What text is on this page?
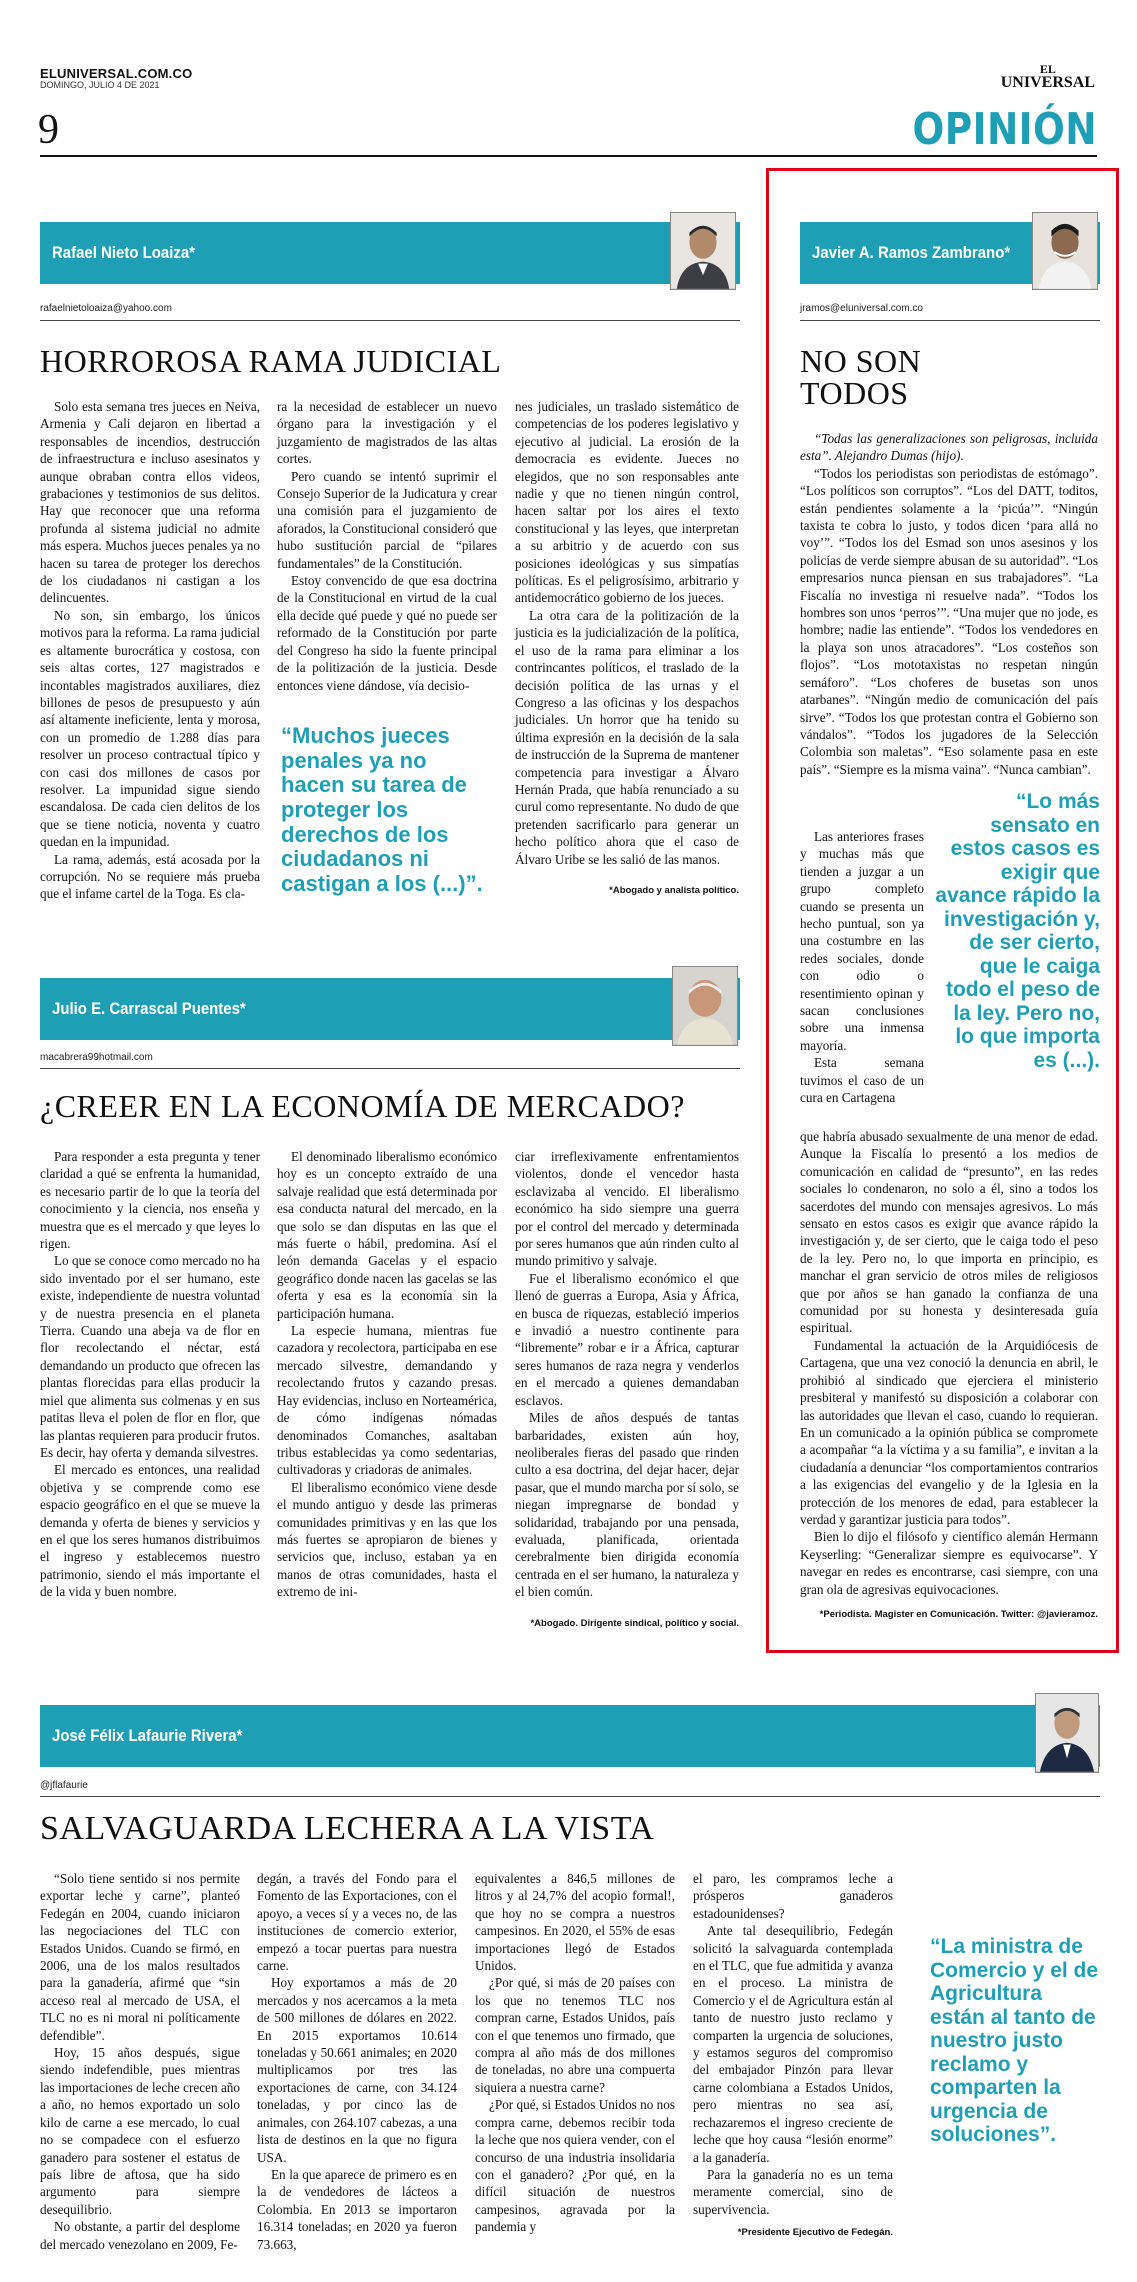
ELUNIVERSAL.COM.CO
DOMINGO, JULIO 4 DE 2021
9
EL
UNIVERSAL
OPINIÓN
Rafael Nieto Loaiza*
rafaelnietoloaiza@yahoo.com
HORROROSA RAMA JUDICIAL

Solo esta semana tres jueces en Neiva, Armenia y Cali dejaron en libertad a responsables de incendios, destrucción de infraestructura e incluso asesinatos y aunque obraban contra ellos videos, grabaciones y testimonios de sus delitos. Hay que reconocer que una reforma profunda al sistema judicial no admite más espera. Muchos jueces penales ya no hacen su tarea de proteger los derechos de los ciudadanos ni castigan a los delincuentes.

No son, sin embargo, los únicos motivos para la reforma. La rama judicial es altamente burocrática y costosa, con seis altas cortes, 127 magistrados e incontables magistrados auxiliares, diez billones de pesos de presupuesto y aún así altamente ineficiente, lenta y morosa, con un promedio de 1.288 días para resolver un proceso contractual típico y con casi dos millones de casos por resolver. La impunidad sigue siendo escandalosa. De cada cien delitos de los que se tiene noticia, noventa y cuatro quedan en la impunidad.

La rama, además, está acosada por la corrupción. No se requiere más prueba que el infame cartel de la Toga. Es cla-

ra la necesidad de establecer un nuevo órgano para la investigación y el juzgamiento de magistrados de las altas cortes.

Pero cuando se intentó suprimir el Consejo Superior de la Judicatura y crear una comisión para el juzgamiento de aforados, la Constitucional consideró que hubo sustitución parcial de “pilares fundamentales” de la Constitución.

Estoy convencido de que esa doctrina de la Constitucional en virtud de la cual ella decide qué puede y qué no puede ser reformado de la Constitución por parte del Congreso ha sido la fuente principal de la politización de la justicia. Desde entonces viene dándose, vía decisio-

“Muchos jueces penales ya no hacen su tarea de proteger los derechos de los ciudadanos ni castigan a los (...)”.

nes judiciales, un traslado sistemático de competencias de los poderes legislativo y ejecutivo al judicial. La erosión de la democracia es evidente. Jueces no elegidos, que no son responsables ante nadie y que no tienen ningún control, hacen saltar por los aires el texto constitucional y las leyes, que interpretan a su arbitrio y de acuerdo con sus posiciones ideológicas y sus simpatías políticas. Es el peligrosísimo, arbitrario y antidemocrático gobierno de los jueces.

La otra cara de la politización de la justicia es la judicialización de la política, el uso de la rama para eliminar a los contrincantes políticos, el traslado de la decisión política de las urnas y el Congreso a las oficinas y los despachos judiciales. Un horror que ha tenido su última expresión en la decisión de la sala de instrucción de la Suprema de mantener competencia para investigar a Álvaro Hernán Prada, que había renunciado a su curul como representante. No dudo de que pretenden sacrificarlo para generar un hecho político ahora que el caso de Álvaro Uribe se les salió de las manos.

*Abogado y analista político.

Julio E. Carrascal Puentes*
macabrera99hotmail.com
¿CREER EN LA ECONOMÍA DE MERCADO?

Para responder a esta pregunta y tener claridad a qué se enfrenta la humanidad, es necesario partir de lo que la teoría del conocimiento y la ciencia, nos enseña y muestra que es el mercado y que leyes lo rigen.

Lo que se conoce como mercado no ha sido inventado por el ser humano, este existe, independiente de nuestra voluntad y de nuestra presencia en el planeta Tierra. Cuando una abeja va de flor en flor recolectando el néctar, está demandando un producto que ofrecen las plantas florecidas para ellas producir la miel que alimenta sus colmenas y en sus patitas lleva el polen de flor en flor, que las plantas requieren para producir frutos. Es decir, hay oferta y demanda silvestres.

El mercado es entonces, una realidad objetiva y se comprende como ese espacio geográfico en el que se mueve la demanda y oferta de bienes y servicios y en el que los seres humanos distribuimos el ingreso y establecemos nuestro patrimonio, siendo el más importante el de la vida y buen nombre.

El denominado liberalismo económico hoy es un concepto extraído de una salvaje realidad que está determinada por esa conducta natural del mercado, en la que solo se dan disputas en las que el más fuerte o hábil, predomina. Así el león demanda Gacelas y el espacio geográfico donde nacen las gacelas se las oferta y esa es la economía sin la participación humana.

La especie humana, mientras fue cazadora y recolectora, participaba en ese mercado silvestre, demandando y recolectando frutos y cazando presas. Hay evidencias, incluso en Norteamérica, de cómo indígenas nómadas denominados Comanches, asaltaban tribus establecidas ya como sedentarias, cultivadoras y criadoras de animales.

El liberalismo económico viene desde el mundo antiguo y desde las primeras comunidades primitivas y en las que los más fuertes se apropiaron de bienes y servicios que, incluso, estaban ya en manos de otras comunidades, hasta el extremo de ini-

ciar irreflexivamente enfrentamientos violentos, donde el vencedor hasta esclavizaba al vencido. El liberalismo económico ha sido siempre una guerra por el control del mercado y determinada por seres humanos que aún rinden culto al mundo primitivo y salvaje.

Fue el liberalismo económico el que llenó de guerras a Europa, Asia y África, en busca de riquezas, estableció imperios e invadió a nuestro continente para “libremente” robar e ir a África, capturar seres humanos de raza negra y venderlos en el mercado a quienes demandaban esclavos.

Miles de años después de tantas barbaridades, existen aún hoy, neoliberales fieras del pasado que rinden culto a esa doctrina, del dejar hacer, dejar pasar, que el mundo marcha por sí solo, se niegan impregnarse de bondad y solidaridad, trabajando por una pensada, evaluada, planificada, orientada cerebralmente bien dirigida economía centrada en el ser humano, la naturaleza y el bien común.

*Abogado. Dirigente sindical, político y social.

Javier A. Ramos Zambrano*
jramos@eluniversal.com.co
NO SON
TODOS

“Todas las generalizaciones son peligrosas, incluida esta”. Alejandro Dumas (hijo).

“Todos los periodistas son periodistas de estómago”. “Los políticos son corruptos”. “Los del DATT, toditos, están pendientes solamente a la ‘picúa’”. “Ningún taxista te cobra lo justo, y todos dicen ‘para allá no voy’”. “Todos los del Esmad son unos asesinos y los policías de verde siempre abusan de su autoridad”. “Los empresarios nunca piensan en sus trabajadores”. “La Fiscalía no investiga ni resuelve nada”. “Todos los hombres son unos ‘perros’”. “Una mujer que no jode, es hombre; nadie las entiende”. “Todos los vendedores en la playa son unos atracadores”. “Los costeños son flojos”. “Los mototaxistas no respetan ningún semáforo”. “Los choferes de busetas son unos atarbanes”. “Ningún medio de comunicación del país sirve”. “Todos los que protestan contra el Gobierno son vándalos”. “Todos los jugadores de la Selección Colombia son maletas”. “Eso solamente pasa en este país”. “Siempre es la misma vaina”. “Nunca cambian”.

Las anteriores frases y muchas más que tienden a juzgar a un grupo completo cuando se presenta un hecho puntual, son ya una costumbre en las redes sociales, donde con odio o resentimiento opinan y sacan conclusiones sobre una inmensa mayoría.

Esta semana tuvimos el caso de un cura en Cartagena

“Lo más sensato en estos casos es exigir que avance rápido la investigación y, de ser cierto, que le caiga todo el peso de la ley. Pero no, lo que importa es (...).

que habría abusado sexualmente de una menor de edad. Aunque la Fiscalía lo presentó a los medios de comunicación en calidad de “presunto”, en las redes sociales lo condenaron, no solo a él, sino a todos los sacerdotes del mundo con mensajes agresivos. Lo más sensato en estos casos es exigir que avance rápido la investigación y, de ser cierto, que le caiga todo el peso de la ley. Pero no, lo que importa en principio, es manchar el gran servicio de otros miles de religiosos que por años se han ganado la confianza de una comunidad por su honesta y desinteresada guía espiritual.

Fundamental la actuación de la Arquidiócesis de Cartagena, que una vez conoció la denuncia en abril, le prohibió al sindicado que ejerciera el ministerio presbiteral y manifestó su disposición a colaborar con las autoridades que llevan el caso, cuando lo requieran. En un comunicado a la opinión pública se compromete a acompañar “a la víctima y a su familia”, e invitan a la ciudadanía a denunciar “los comportamientos contrarios a las exigencias del evangelio y de la Iglesia en la protección de los menores de edad, para establecer la verdad y garantizar justicia para todos”.

Bien lo dijo el filósofo y científico alemán Hermann Keyserling: “Generalizar siempre es equivocarse”. Y navegar en redes es encontrarse, casi siempre, con una gran ola de agresivas equivocaciones.

*Periodista. Magister en Comunicación. Twitter: @javieramoz.

José Félix Lafaurie Rivera*
@jflafaurie
SALVAGUARDA LECHERA A LA VISTA

“Solo tiene sentido si nos permite exportar leche y carne”, planteó Fedegán en 2004, cuando iniciaron las negociaciones del TLC con Estados Unidos. Cuando se firmó, en 2006, una de los malos resultados para la ganadería, afirmé que “sin acceso real al mercado de USA, el TLC no es ni moral ni políticamente defendible”.

Hoy, 15 años después, sigue siendo indefendible, pues mientras las importaciones de leche crecen año a año, no hemos exportado un solo kilo de carne a ese mercado, lo cual no se compadece con el esfuerzo ganadero para sostener el estatus de país libre de aftosa, que ha sido argumento para siempre desequilibrio.

No obstante, a partir del desplome del mercado venezolano en 2009, Fe-

degán, a través del Fondo para el Fomento de las Exportaciones, con el apoyo, a veces sí y a veces no, de las instituciones de comercio exterior, empezó a tocar puertas para nuestra carne.

Hoy exportamos a más de 20 mercados y nos acercamos a la meta de 500 millones de dólares en 2022. En 2015 exportamos 10.614 toneladas y 50.661 animales; en 2020 multiplicamos por tres las exportaciones de carne, con 34.124 toneladas, y por cinco las de animales, con 264.107 cabezas, a una lista de destinos en la que no figura USA.

En la que aparece de primero es en la de vendedores de lácteos a Colombia. En 2013 se importaron 16.314 toneladas; en 2020 ya fueron 73.663,

equivalentes a 846,5 millones de litros y al 24,7% del acopio formal!, que hoy no se compra a nuestros campesinos. En 2020, el 55% de esas importaciones llegó de Estados Unidos.

¿Por qué, si más de 20 países con los que no tenemos TLC nos compran carne, Estados Unidos, país con el que tenemos uno firmado, que compra al año más de dos millones de toneladas, no abre una compuerta siquiera a nuestra carne?

¿Por qué, si Estados Unidos no nos compra carne, debemos recibir toda la leche que nos quiera vender, con el concurso de una industria insolidaria con el ganadero? ¿Por qué, en la difícil situación de nuestros campesinos, agravada por la pandemia y

el paro, les compramos leche a prósperos ganaderos estadounidenses?

Ante tal desequilibrio, Fedegán solicitó la salvaguarda contemplada en el TLC, que fue admitida y avanza en el proceso. La ministra de Comercio y el de Agricultura están al tanto de nuestro justo reclamo y comparten la urgencia de soluciones, y estamos seguros del compromiso del embajador Pinzón para llevar carne colombiana a Estados Unidos, pero mientras no sea así, rechazaremos el ingreso creciente de leche que hoy causa “lesión enorme” a la ganadería.

Para la ganadería no es un tema meramente comercial, sino de supervivencia.

*Presidente Ejecutivo de Fedegán.

“La ministra de Comercio y el de Agricultura están al tanto de nuestro justo reclamo y comparten la urgencia de soluciones”.
